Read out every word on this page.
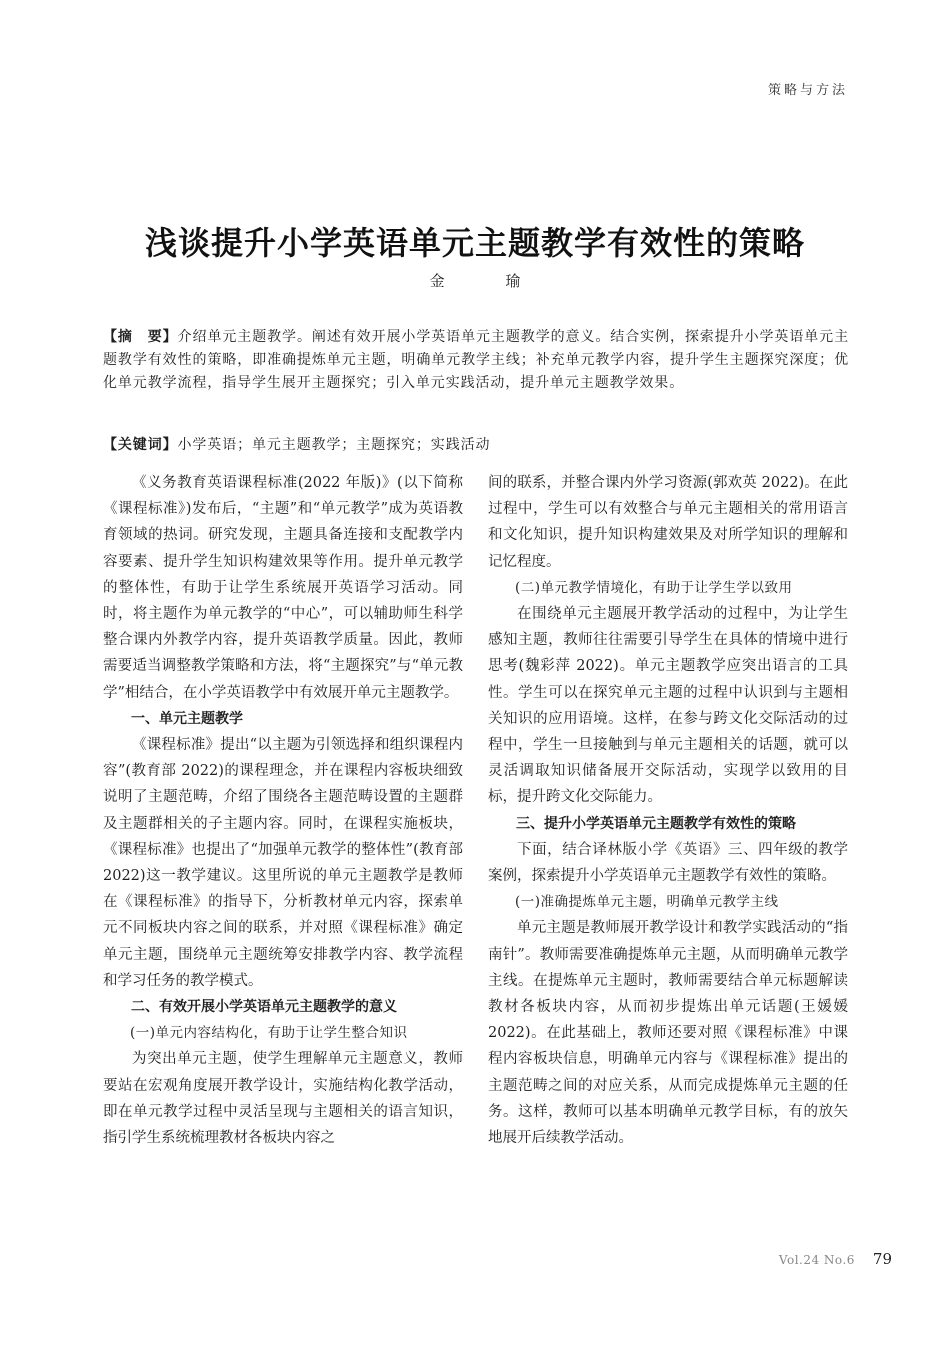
策略与方法
浅谈提升小学英语单元主题教学有效性的策略
金 瑜

【摘　要】介绍单元主题教学。阐述有效开展小学英语单元主题教学的意义。结合实例，探索提升小学英语单元主题教学有效性的策略，即准确提炼单元主题，明确单元教学主线；补充单元教学内容，提升学生主题探究深度；优化单元教学流程，指导学生展开主题探究；引入单元实践活动，提升单元主题教学效果。

【关键词】小学英语；单元主题教学；主题探究；实践活动

《义务教育英语课程标准(2022 年版)》(以下简称《课程标准》)发布后，“主题”和“单元教学”成为英语教育领域的热词。研究发现，主题具备连接和支配教学内容要素、提升学生知识构建效果等作用。提升单元教学的整体性，有助于让学生系统展开英语学习活动。同时，将主题作为单元教学的“中心”，可以辅助师生科学整合课内外教学内容，提升英语教学质量。因此，教师需要适当调整教学策略和方法，将“主题探究”与“单元教学”相结合，在小学英语教学中有效展开单元主题教学。

一、单元主题教学

《课程标准》提出“以主题为引领选择和组织课程内容”(教育部 2022)的课程理念，并在课程内容板块细致说明了主题范畴，介绍了围绕各主题范畴设置的主题群及主题群相关的子主题内容。同时，在课程实施板块，《课程标准》也提出了“加强单元教学的整体性”(教育部 2022)这一教学建议。这里所说的单元主题教学是教师在《课程标准》的指导下，分析教材单元内容，探索单元不同板块内容之间的联系，并对照《课程标准》确定单元主题，围绕单元主题统筹安排教学内容、教学流程和学习任务的教学模式。

二、有效开展小学英语单元主题教学的意义
(一)单元内容结构化，有助于让学生整合知识

为突出单元主题，使学生理解单元主题意义，教师要站在宏观角度展开教学设计，实施结构化教学活动，即在单元教学过程中灵活呈现与主题相关的语言知识，指引学生系统梳理教材各板块内容之

间的联系，并整合课内外学习资源(郭欢英 2022)。在此过程中，学生可以有效整合与单元主题相关的常用语言和文化知识，提升知识构建效果及对所学知识的理解和记忆程度。

(二)单元教学情境化，有助于让学生学以致用

在围绕单元主题展开教学活动的过程中，为让学生感知主题，教师往往需要引导学生在具体的情境中进行思考(魏彩萍 2022)。单元主题教学应突出语言的工具性。学生可以在探究单元主题的过程中认识到与主题相关知识的应用语境。这样，在参与跨文化交际活动的过程中，学生一旦接触到与单元主题相关的话题，就可以灵活调取知识储备展开交际活动，实现学以致用的目标，提升跨文化交际能力。

三、提升小学英语单元主题教学有效性的策略

下面，结合译林版小学《英语》三、四年级的教学案例，探索提升小学英语单元主题教学有效性的策略。

(一)准确提炼单元主题，明确单元教学主线

单元主题是教师展开教学设计和教学实践活动的“指南针”。教师需要准确提炼单元主题，从而明确单元教学主线。在提炼单元主题时，教师需要结合单元标题解读教材各板块内容，从而初步提炼出单元话题(王媛媛 2022)。在此基础上，教师还要对照《课程标准》中课程内容板块信息，明确单元内容与《课程标准》提出的主题范畴之间的对应关系，从而完成提炼单元主题的任务。这样，教师可以基本明确单元教学目标，有的放矢地展开后续教学活动。

Vol.24 No.6 79
